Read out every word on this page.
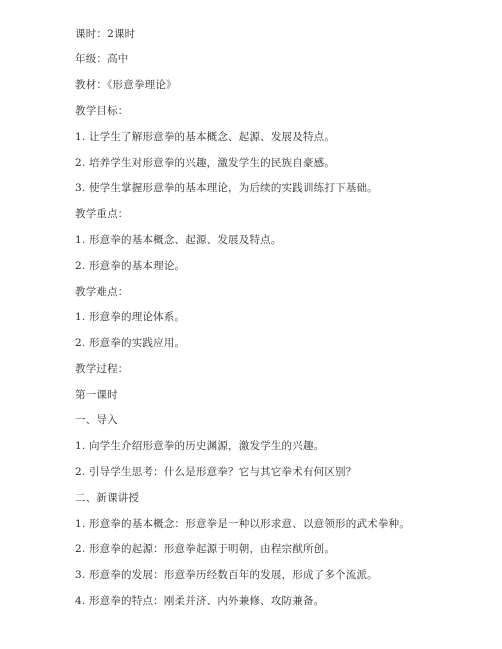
课时：2课时
年级：高中
教材：《形意拳理论》
教学目标：
1. 让学生了解形意拳的基本概念、起源、发展及特点。
2. 培养学生对形意拳的兴趣，激发学生的民族自豪感。
3. 使学生掌握形意拳的基本理论，为后续的实践训练打下基础。
教学重点：
1. 形意拳的基本概念、起源、发展及特点。
2. 形意拳的基本理论。
教学难点：
1. 形意拳的理论体系。
2. 形意拳的实践应用。
教学过程：
第一课时
一、导入
1. 向学生介绍形意拳的历史渊源，激发学生的兴趣。
2. 引导学生思考：什么是形意拳？它与其它拳术有何区别？
二、新课讲授
1. 形意拳的基本概念：形意拳是一种以形求意、以意领形的武术拳种。
2. 形意拳的起源：形意拳起源于明朝，由程宗猷所创。
3. 形意拳的发展：形意拳历经数百年的发展，形成了多个流派。
4. 形意拳的特点：刚柔并济、内外兼修、攻防兼备。
